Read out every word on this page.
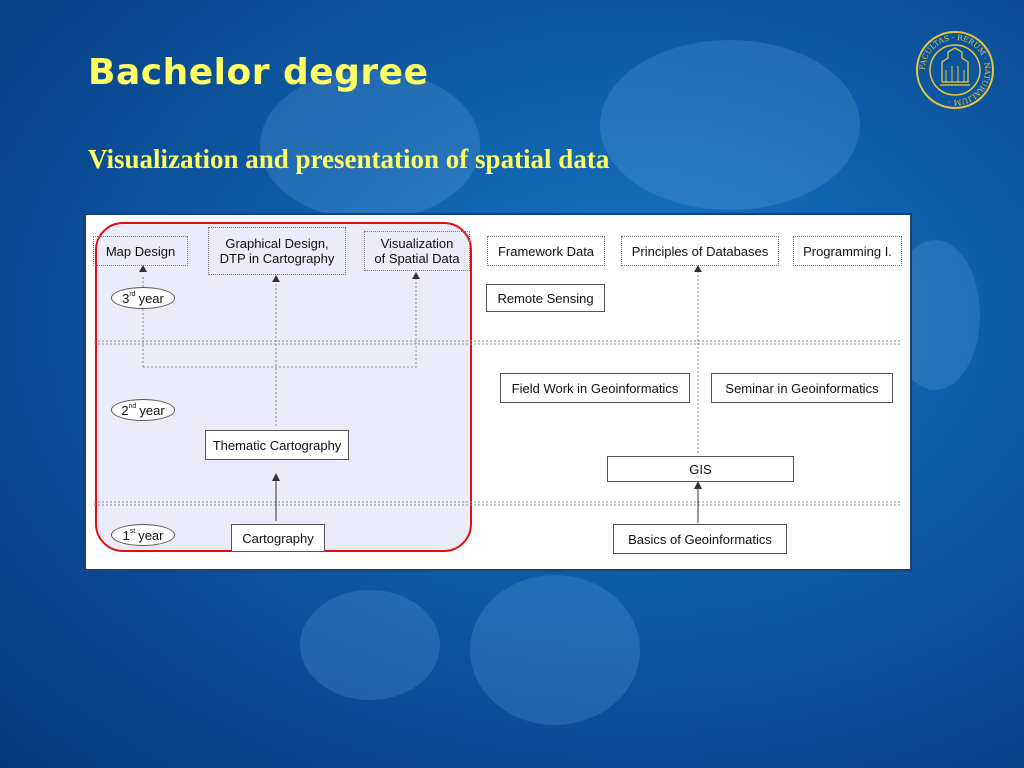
Bachelor degree
Visualization and presentation of spatial data
FACULTAS · RERUM · NATURALIUM ·
Map Design	Graphical Design,
DTP in Cartography
Visualization
of Spatial Data	Framework Data	Principles of Databases	Programming I.
Remote Sensing
Field Work in Geoinformatics	Seminar in Geoinformatics
Thematic Cartography
GIS
Cartography	Basics of Geoinformatics
3rd year
2nd year
1st year
